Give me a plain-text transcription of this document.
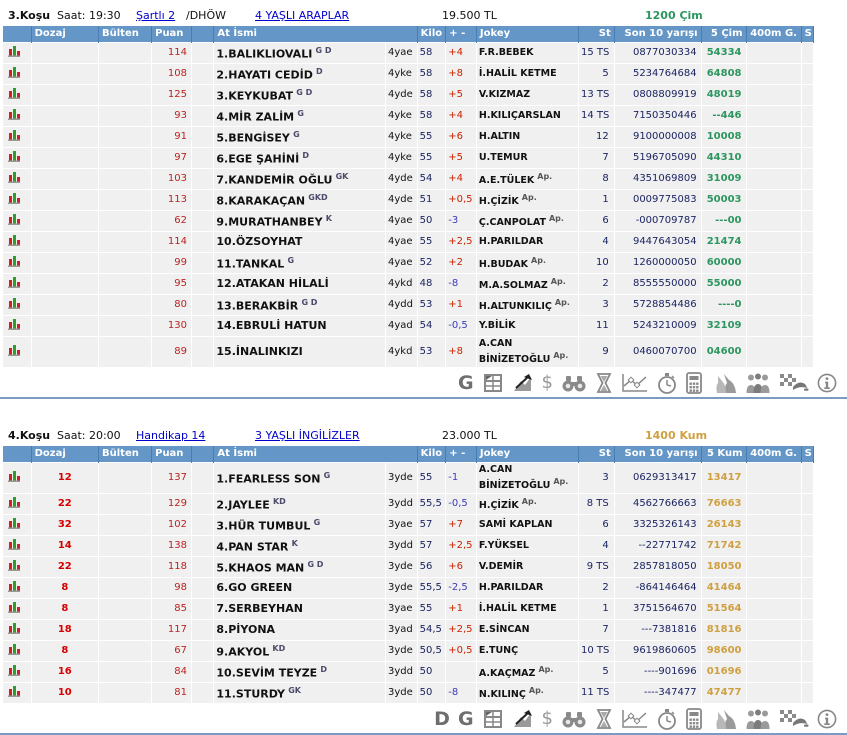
3.Koşu Saat: 19:30 Şartlı 2 /DHÖW	4 YAŞLI ARAPLAR	19.500 TL	1200 Çim
	Dozaj	Bülten	Puan		At İsmi		Kilo	+ -	Jokey	St	Son 10 yarışı	5 Çim	400m G.	S
			114		1.BALIKLIOVALI $^{G D}$	4yae	58	+4	F.R.BEBEK	15 TS	0877030334	54334		
			108		2.HAYATI CEDİD $^D$	4yke	58	+8	İ.HALİL KETME	5	5234764684	64808		
			125		3.KEYKUBAT $^{G D}$	4yde	58	+5	V.KIZMAZ	13 TS	0808809919	48019		
			93		4.MİR ZALİM $^G$	4yke	58	+4	H.KILIÇARSLAN	14 TS	7150350446	--446		
			91		5.BENGİSEY $^G$	4yke	55	+6	H.ALTIN	12	9100000008	10008		
			97		6.EGE ŞAHİNİ $^D$	4yke	55	+5	U.TEMUR	7	5196705090	44310		
			103		7.KANDEMİR OĞLU $^{GK}$	4yde	54	+4	A.E.TÜLEK $^{Ap.}$	8	4351069809	31009		
			113		8.KARAKAÇAN $^{GKD}$	4yde	51	+0,5	H.ÇİZİK $^{Ap.}$	1	0009775083	50003		
			62		9.MURATHANBEY $^K$	4yae	50	-3	Ç.CANPOLAT $^{Ap.}$	6	-000709787	---00		
			114		10.ÖZSOYHAT	4yae	55	+2,5	H.PARILDAR	4	9447643054	21474		
			99		11.TANKAL $^G$	4yae	52	+2	H.BUDAK $^{Ap.}$	10	1260000050	60000		
			95		12.ATAKAN HİLALİ	4ykd	48	-8	M.A.SOLMAZ $^{Ap.}$	2	8555550000	55000		
			80		13.BERAKBİR $^{G D}$	4ydd	53	+1	H.ALTUNKILIÇ $^{Ap.}$	3	5728854486	----0		
			130		14.EBRULİ HATUN	4yad	54	-0,5	Y.BİLİK	11	5243210009	32109		
			89		15.İNALINKIZI	4ykd	53	+8	A.CAN BİNİZETOĞLU $^{Ap.}$	9	0460070700	04600		
G	$
4.Koşu Saat: 20:00 Handikap 14	3 YAŞLI İNGİLİZLER	23.000 TL	1400 Kum
	Dozaj	Bülten	Puan		At İsmi		Kilo	+ -	Jokey	St	Son 10 yarışı	5 Kum	400m G.	S
	12		137		1.FEARLESS SON $^G$	3yde	55	-1	A.CAN BİNİZETOĞLU $^{Ap.}$	3	0629313417	13417		
	22		129		2.JAYLEE $^{KD}$	3ydd	55,5	-0,5	H.ÇİZİK $^{Ap.}$	8 TS	4562766663	76663		
	32		102		3.HÜR TUMBUL $^G$	3yae	57	+7	SAMİ KAPLAN	6	3325326143	26143		
	14		138		4.PAN STAR $^K$	3ydd	57	+2,5	F.YÜKSEL	4	--22771742	71742		
	22		118		5.KHAOS MAN $^{G D}$	3yde	56	+6	V.DEMİR	9 TS	2857818050	18050		
	8		98		6.GO GREEN	3yde	55,5	-2,5	H.PARILDAR	2	-864146464	41464		
	8		85		7.SERBEYHAN	3yae	55	+1	İ.HALİL KETME	1	3751564670	51564		
	18		117		8.PİYONA	3yad	54,5	+2,5	E.SİNCAN	7	---7381816	81816		
	8		67		9.AKYOL $^{KD}$	3yde	50,5	+0,5	E.TUNÇ	10 TS	9619860605	98600		
	16		84		10.SEVİM TEYZE $^D$	3ydd	50		A.KAÇMAZ $^{Ap.}$	5	----901696	01696		
	10		81		11.STURDY $^{GK}$	3yde	50	-8	N.KILINÇ $^{Ap.}$	11 TS	----347477	47477		
D G	$
